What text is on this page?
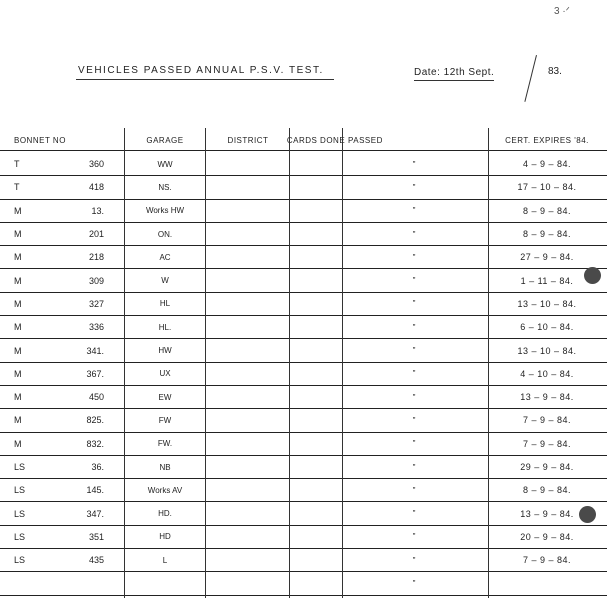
3 ·ᐟ
VEHICLES PASSED ANNUAL P.S.V. TEST.	Date: 12th Sept.	83.
BONNET NO	GARAGE	DISTRICT	CARDS DONE PASSED	CERT. EXPIRES '84.
T	360	WW	"	4 – 9 – 84.
T	418	NS.	"	17 – 10 – 84.
M	13.	Works HW	"	8 – 9 – 84.
M	201	ON.	"	8 – 9 – 84.
M	218	AC	"	27 – 9 – 84.
M	309	W	"	1 – 11 – 84.
M	327	HL	"	13 – 10 – 84.
M	336	HL.	"	6 – 10 – 84.
M	341.	HW	"	13 – 10 – 84.
M	367.	UX	"	4 – 10 – 84.
M	450	EW	"	13 – 9 – 84.
M	825.	FW	"	7 – 9 – 84.
M	832.	FW.	"	7 – 9 – 84.
LS	36.	NB	"	29 – 9 – 84.
LS	145.	Works AV	"	8 – 9 – 84.
LS	347.	HD.	"	13 – 9 – 84.
LS	351	HD	"	20 – 9 – 84.
LS	435	L	"	7 – 9 – 84.
"
